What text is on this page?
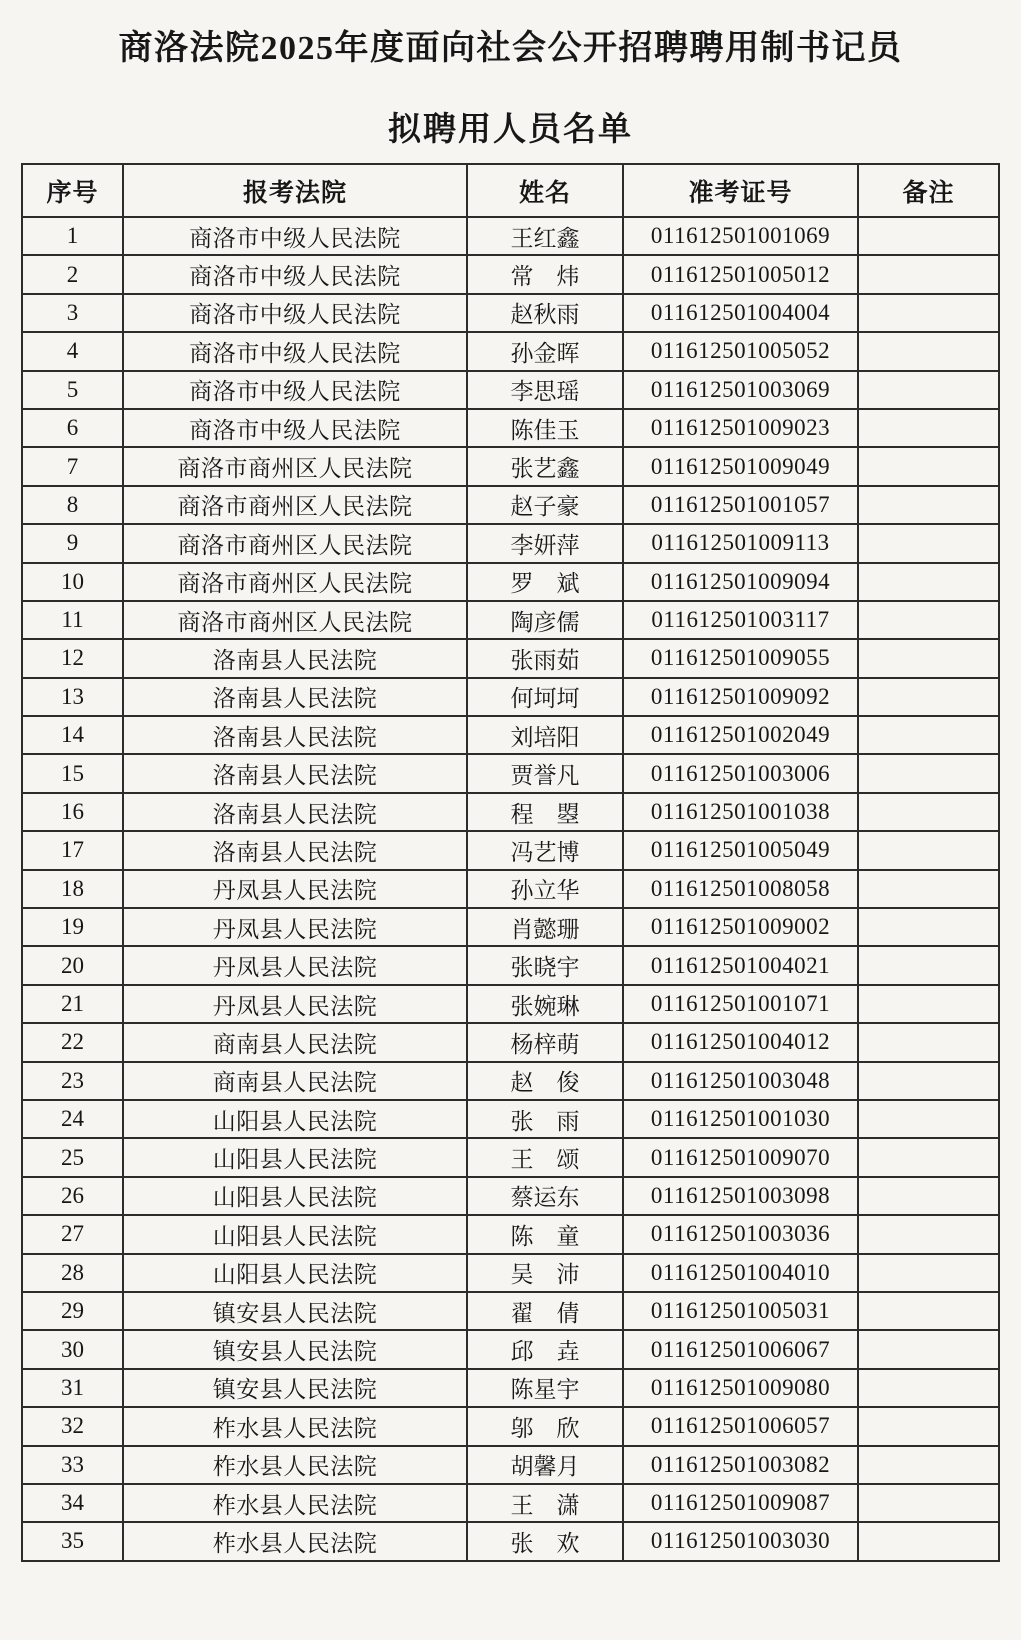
商洛法院2025年度面向社会公开招聘聘用制书记员
拟聘用人员名单
序号	报考法院	姓名	准考证号	备注
1	商洛市中级人民法院	王红鑫	011612501001069	
2	商洛市中级人民法院	常　炜	011612501005012	
3	商洛市中级人民法院	赵秋雨	011612501004004	
4	商洛市中级人民法院	孙金晖	011612501005052	
5	商洛市中级人民法院	李思瑶	011612501003069	
6	商洛市中级人民法院	陈佳玉	011612501009023	
7	商洛市商州区人民法院	张艺鑫	011612501009049	
8	商洛市商州区人民法院	赵子豪	011612501001057	
9	商洛市商州区人民法院	李妍萍	011612501009113	
10	商洛市商州区人民法院	罗　斌	011612501009094	
11	商洛市商州区人民法院	陶彦儒	011612501003117	
12	洛南县人民法院	张雨茹	011612501009055	
13	洛南县人民法院	何坷坷	011612501009092	
14	洛南县人民法院	刘培阳	011612501002049	
15	洛南县人民法院	贾誉凡	011612501003006	
16	洛南县人民法院	程　曌	011612501001038	
17	洛南县人民法院	冯艺博	011612501005049	
18	丹凤县人民法院	孙立华	011612501008058	
19	丹凤县人民法院	肖懿珊	011612501009002	
20	丹凤县人民法院	张晓宇	011612501004021	
21	丹凤县人民法院	张婉琳	011612501001071	
22	商南县人民法院	杨梓萌	011612501004012	
23	商南县人民法院	赵　俊	011612501003048	
24	山阳县人民法院	张　雨	011612501001030	
25	山阳县人民法院	王　颂	011612501009070	
26	山阳县人民法院	蔡运东	011612501003098	
27	山阳县人民法院	陈　童	011612501003036	
28	山阳县人民法院	吴　沛	011612501004010	
29	镇安县人民法院	翟　倩	011612501005031	
30	镇安县人民法院	邱　垚	011612501006067	
31	镇安县人民法院	陈星宇	011612501009080	
32	柞水县人民法院	邬　欣	011612501006057	
33	柞水县人民法院	胡馨月	011612501003082	
34	柞水县人民法院	王　潇	011612501009087	
35	柞水县人民法院	张　欢	011612501003030	
